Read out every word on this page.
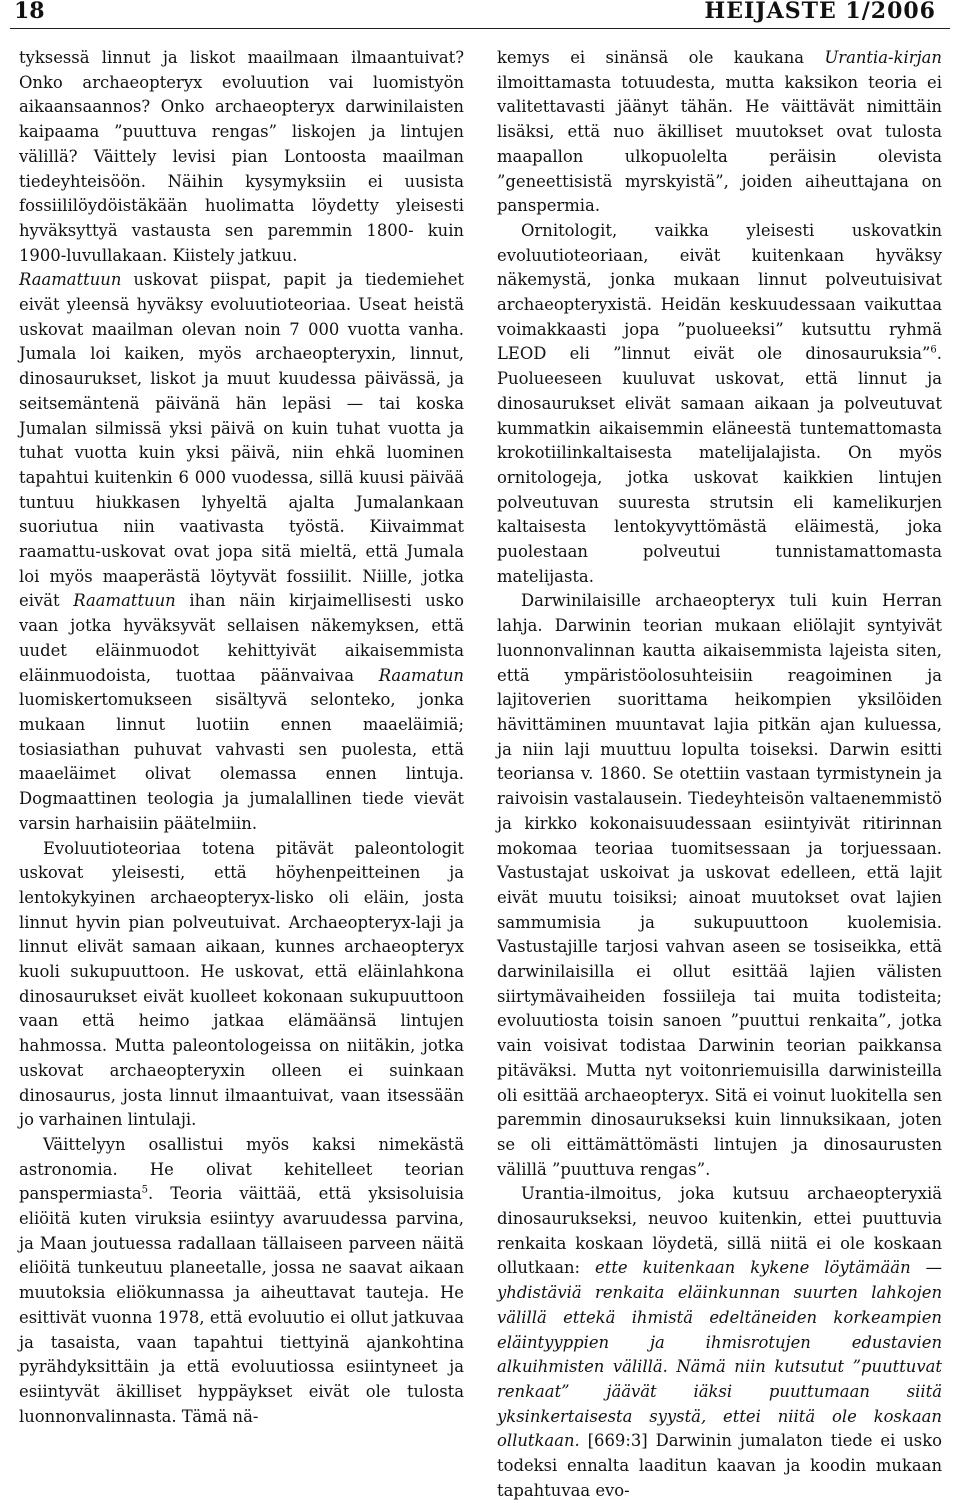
18	HEIJASTE 1/2006

tyksessä linnut ja liskot maailmaan ilmaantuivat? Onko archaeopteryx evoluution vai luomistyön aikaansaannos? Onko archaeopteryx darwinilaisten kaipaama ”puuttuva rengas” liskojen ja lintujen välillä? Väittely levisi pian Lontoosta maailman tiedeyhteisöön. Näihin kysymyksiin ei uusista fossiililöydöistäkään huolimatta löydetty yleisesti hyväksyttyä vastausta sen paremmin 1800- kuin 1900-luvullakaan. Kiistely jatkuu.

Raamattuun uskovat piispat, papit ja tiedemiehet eivät yleensä hyväksy evoluutioteoriaa. Useat heistä uskovat maailman olevan noin 7 000 vuotta vanha. Jumala loi kaiken, myös archaeopteryxin, linnut, dinosaurukset, liskot ja muut kuudessa päivässä, ja seitsemäntenä päivänä hän lepäsi — tai koska Jumalan silmissä yksi päivä on kuin tuhat vuotta ja tuhat vuotta kuin yksi päivä, niin ehkä luominen tapahtui kuitenkin 6 000 vuodessa, sillä kuusi päivää tuntuu hiukkasen lyhyeltä ajalta Jumalankaan suoriutua niin vaativasta työstä. Kiivaimmat raamattu-uskovat ovat jopa sitä mieltä, että Jumala loi myös maaperästä löytyvät fossiilit. Niille, jotka eivät Raamattuun ihan näin kirjaimellisesti usko vaan jotka hyväksyvät sellaisen näkemyksen, että uudet eläinmuodot kehittyivät aikaisemmista eläinmuodoista, tuottaa päänvaivaa Raamatun luomiskertomukseen sisältyvä selonteko, jonka mukaan linnut luotiin ennen maaeläimiä; tosiasiathan puhuvat vahvasti sen puolesta, että maaeläimet olivat olemassa ennen lintuja. Dogmaattinen teologia ja jumalallinen tiede vievät varsin harhaisiin päätelmiin.

Evoluutioteoriaa totena pitävät paleontologit uskovat yleisesti, että höyhenpeitteinen ja lentokykyinen archaeopteryx-lisko oli eläin, josta linnut hyvin pian polveutuivat. Archaeopteryx-laji ja linnut elivät samaan aikaan, kunnes archaeopteryx kuoli sukupuuttoon. He uskovat, että eläinlahkona dinosaurukset eivät kuolleet kokonaan sukupuuttoon vaan että heimo jatkaa elämäänsä lintujen hahmossa. Mutta paleontologeissa on niitäkin, jotka uskovat archaeopteryxin olleen ei suinkaan dinosaurus, josta linnut ilmaantuivat, vaan itsessään jo varhainen lintulaji.

Väittelyyn osallistui myös kaksi nimekästä astronomia. He olivat kehitelleet teorian panspermiasta$^5$. Teoria väittää, että yksisoluisia eliöitä kuten viruksia esiintyy avaruudessa parvina, ja Maan joutuessa radallaan tällaiseen parveen näitä eliöitä tunkeutuu planeetalle, jossa ne saavat aikaan muutoksia eliökunnassa ja aiheuttavat tauteja. He esittivät vuonna 1978, että evoluutio ei ollut jatkuvaa ja tasaista, vaan tapahtui tiettyinä ajankohtina pyrähdyksittäin ja että evoluutiossa esiintyneet ja esiintyvät äkilliset hyppäykset eivät ole tulosta luonnonvalinnasta. Tämä nä-

kemys ei sinänsä ole kaukana Urantia-kirjan ilmoittamasta totuudesta, mutta kaksikon teoria ei valitettavasti jäänyt tähän. He väittävät nimittäin lisäksi, että nuo äkilliset muutokset ovat tulosta maapallon ulkopuolelta peräisin olevista ”geneettisistä myrskyistä”, joiden aiheuttajana on panspermia.

Ornitologit, vaikka yleisesti uskovatkin evoluutioteoriaan, eivät kuitenkaan hyväksy näkemystä, jonka mukaan linnut polveutuisivat archaeopteryxistä. Heidän keskuudessaan vaikuttaa voimakkaasti jopa ”puolueeksi” kutsuttu ryhmä LEOD eli ”linnut eivät ole dinosauruksia”$^6$. Puolueeseen kuuluvat uskovat, että linnut ja dinosaurukset elivät samaan aikaan ja polveutuvat kummatkin aikaisemmin eläneestä tuntemattomasta krokotiilinkaltaisesta matelijalajista. On myös ornitologeja, jotka uskovat kaikkien lintujen polveutuvan suuresta strutsin eli kamelikurjen kaltaisesta lentokyvyttömästä eläimestä, joka puolestaan polveutui tunnistamattomasta matelijasta.

Darwinilaisille archaeopteryx tuli kuin Herran lahja. Darwinin teorian mukaan eliölajit syntyivät luonnonvalinnan kautta aikaisemmista lajeista siten, että ympäristöolosuhteisiin reagoiminen ja lajitoverien suorittama heikompien yksilöiden hävittäminen muuntavat lajia pitkän ajan kuluessa, ja niin laji muuttuu lopulta toiseksi. Darwin esitti teoriansa v. 1860. Se otettiin vastaan tyrmistynein ja raivoisin vastalausein. Tiedeyhteisön valtaenemmistö ja kirkko kokonaisuudessaan esiintyivät ritirinnan mokomaa teoriaa tuomitsessaan ja torjuessaan. Vastustajat uskoivat ja uskovat edelleen, että lajit eivät muutu toisiksi; ainoat muutokset ovat lajien sammumisia ja sukupuuttoon kuolemisia. Vastustajille tarjosi vahvan aseen se tosiseikka, että darwinilaisilla ei ollut esittää lajien välisten siirtymävaiheiden fossiileja tai muita todisteita; evoluutiosta toisin sanoen ”puuttui renkaita”, jotka vain voisivat todistaa Darwinin teorian paikkansa pitäväksi. Mutta nyt voitonriemuisilla darwinisteilla oli esittää archaeopteryx. Sitä ei voinut luokitella sen paremmin dinosaurukseksi kuin linnuksikaan, joten se oli eittämättömästi lintujen ja dinosaurusten välillä ”puuttuva rengas”.

Urantia-ilmoitus, joka kutsuu archaeopteryxiä dinosaurukseksi, neuvoo kuitenkin, ettei puuttuvia renkaita koskaan löydetä, sillä niitä ei ole koskaan ollutkaan: ette kuitenkaan kykene löytämään — yhdistäviä renkaita eläinkunnan suurten lahkojen välillä ettekä ihmistä edeltäneiden korkeampien eläintyyppien ja ihmisrotujen edustavien alkuihmisten välillä. Nämä niin kutsutut ”puuttuvat renkaat” jäävät iäksi puuttumaan siitä yksinkertaisesta syystä, ettei niitä ole koskaan ollutkaan. [669:3] Darwinin jumalaton tiede ei usko todeksi ennalta laaditun kaavan ja koodin mukaan tapahtuvaa evo-
